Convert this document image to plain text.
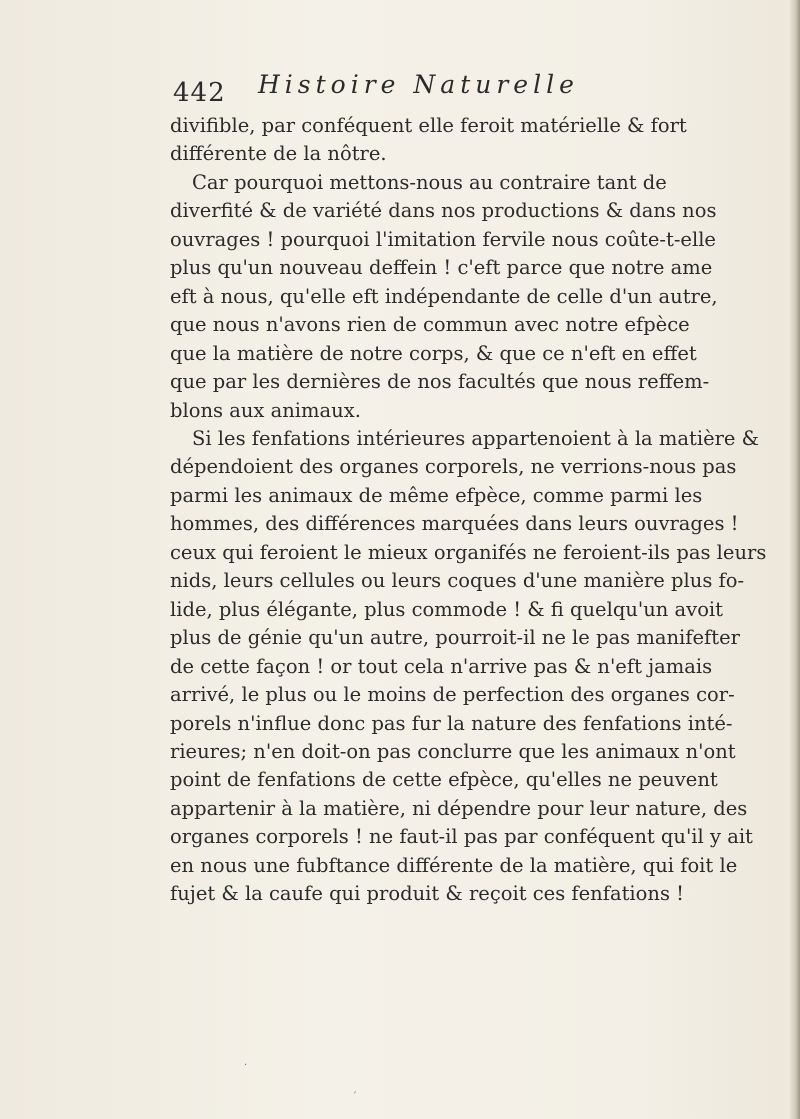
442 Histoire Naturelle
divifible, par conféquent elle feroit matérielle & fort
différente de la nôtre.
Car pourquoi mettons-nous au contraire tant de
diverfité & de variété dans nos productions & dans nos
ouvrages ! pourquoi l'imitation fervile nous coûte-t-elle
plus qu'un nouveau deffein ! c'eft parce que notre ame
eft à nous, qu'elle eft indépendante de celle d'un autre,
que nous n'avons rien de commun avec notre efpèce
que la matière de notre corps, & que ce n'eft en effet
que par les dernières de nos facultés que nous reffem-
blons aux animaux.
Si les fenfations intérieures appartenoient à la matière &
dépendoient des organes corporels, ne verrions-nous pas
parmi les animaux de même efpèce, comme parmi les
hommes, des différences marquées dans leurs ouvrages !
ceux qui feroient le mieux organifés ne feroient-ils pas leurs
nids, leurs cellules ou leurs coques d'une manière plus fo-
lide, plus élégante, plus commode ! & fi quelqu'un avoit
plus de génie qu'un autre, pourroit-il ne le pas manifefter
de cette façon ! or tout cela n'arrive pas & n'eft jamais
arrivé, le plus ou le moins de perfection des organes cor-
porels n'influe donc pas fur la nature des fenfations inté-
rieures; n'en doit-on pas conclurre que les animaux n'ont
point de fenfations de cette efpèce, qu'elles ne peuvent
appartenir à la matière, ni dépendre pour leur nature, des
organes corporels ! ne faut-il pas par conféquent qu'il y ait
en nous une fubftance différente de la matière, qui foit le
fujet & la caufe qui produit & reçoit ces fenfations !
·
ˊ
